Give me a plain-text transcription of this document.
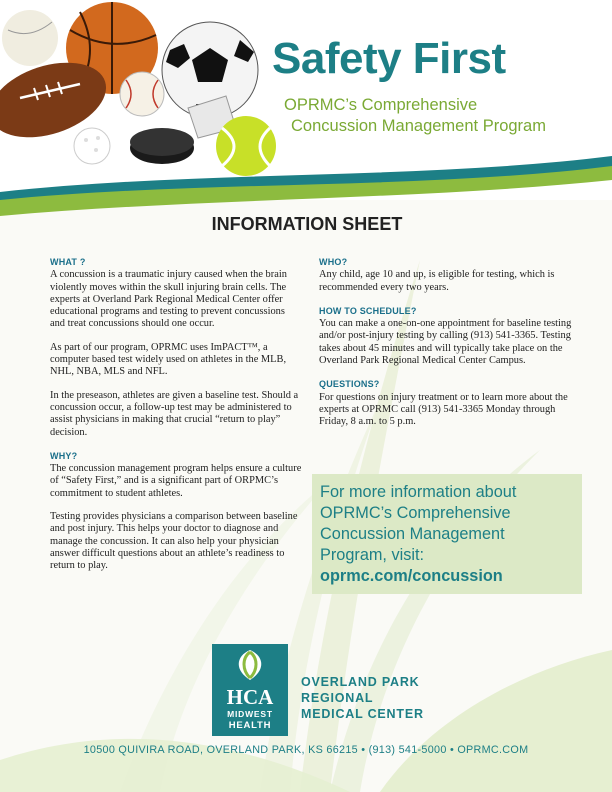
Safety First
OPRMC’s Comprehensive
Concussion Management Program
INFORMATION SHEET
WHAT ?
A concussion is a traumatic injury caused when the brain violently moves within the skull injuring brain cells. The experts at Overland Park Regional Medical Center offer educational programs and testing to prevent concussions and treat concussions should one occur.
As part of our program, OPRMC uses ImPACT™, a computer based test widely used on athletes in the MLB, NHL, NBA, MLS and NFL.
In the preseason, athletes are given a baseline test. Should a concussion occur, a follow-up test may be administered to assist physicians in making that crucial “return to play” decision.
WHY?
The concussion management program helps ensure a culture of “Safety First,” and is a significant part of ORPMC’s commitment to student athletes.
Testing provides physicians a comparison between baseline and post injury. This helps your doctor to diagnose and manage the concussion. It can also help your physician answer difficult questions about an athlete’s readiness to return to play.
WHO?
Any child, age 10 and up, is eligible for testing, which is recommended every two years.
HOW TO SCHEDULE?
You can make a one-on-one appointment for baseline testing and/or post-injury testing by calling (913) 541-3365. Testing takes about 45 minutes and will typically take place on the Overland Park Regional Medical Center Campus.
QUESTIONS?
For questions on injury treatment or to learn more about the experts at OPRMC call (913) 541-3365 Monday through Friday, 8 a.m. to 5 p.m.
For more information about
OPRMC’s Comprehensive
Concussion Management
Program, visit:
oprmc.com/concussion
HCA
MIDWEST
HEALTH
OVERLAND PARK
REGIONAL
MEDICAL CENTER
10500 QUIVIRA ROAD, OVERLAND PARK, KS 66215 • (913) 541-5000 • OPRMC.COM
